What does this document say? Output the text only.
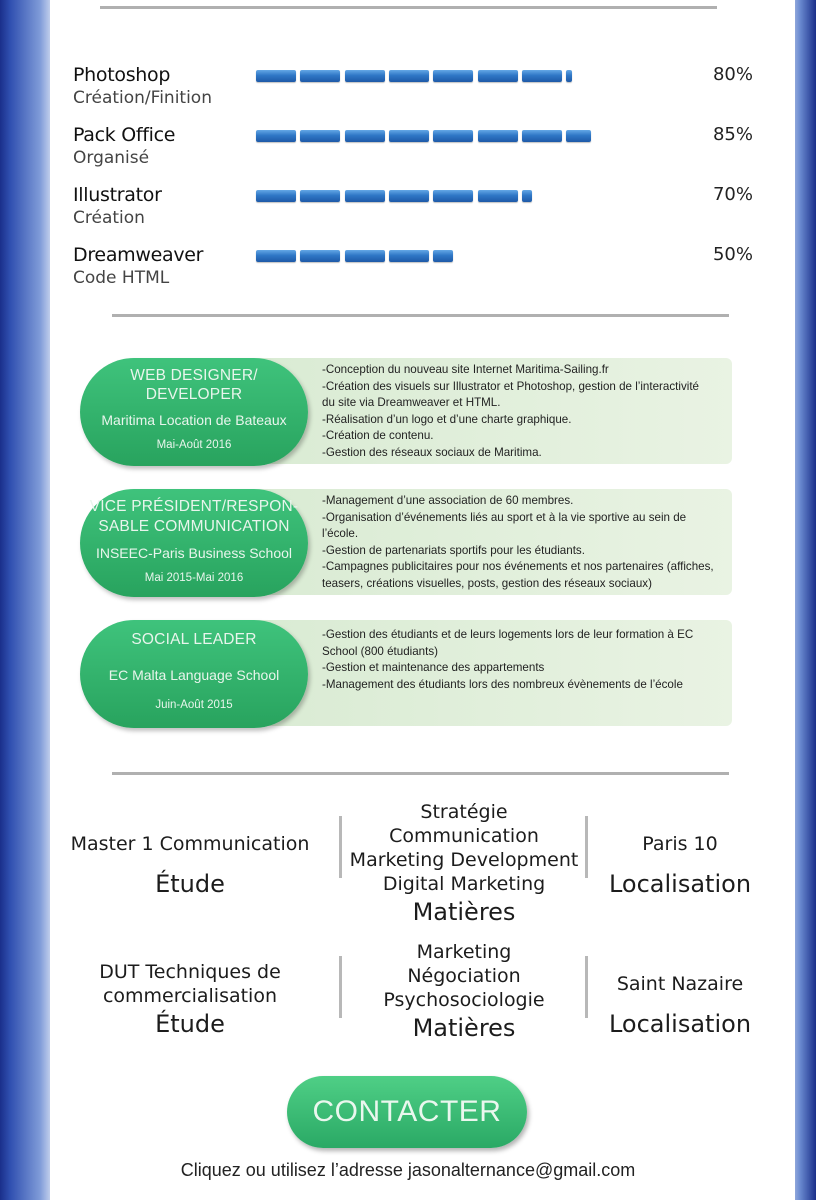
Photoshop
Création/Finition
80%
Pack Office
Organisé
85%
Illustrator
Création
70%
Dreamweaver
Code HTML
50%
-Conception du nouveau site Internet Maritima-Sailing.fr
-Création des visuels sur Illustrator et Photoshop, gestion de l’interactivité
du site via Dreamweaver et HTML.
-Réalisation d’un logo et d’une charte graphique.
-Création de contenu.
-Gestion des réseaux sociaux de Maritima.
WEB DESIGNER/
DEVELOPER
Maritima Location de Bateaux
Mai-Août 2016
-Management d’une association de 60 membres.
-Organisation d’événements liés au sport et à la vie sportive au sein de
l’école.
-Gestion de partenariats sportifs pour les étudiants.
-Campagnes publicitaires pour nos événements et nos partenaires (affiches,
teasers, créations visuelles, posts, gestion des réseaux sociaux)
VICE PRÉSIDENT/RESPON-
SABLE COMMUNICATION
INSEEC-Paris Business School
Mai 2015-Mai 2016
-Gestion des étudiants et de leurs logements lors de leur formation à EC
School (800 étudiants)
-Gestion et maintenance des appartements
-Management des étudiants lors des nombreux évènements de l’école
SOCIAL LEADER
EC Malta Language School
Juin-Août 2015
Master 1 Communication
Étude
Stratégie Communication
Marketing Development
Digital Marketing
Matières
Paris 10
Localisation
DUT Techniques de
commercialisation
Étude
Marketing
Négociation
Psychosociologie
Matières
Saint Nazaire
Localisation
CONTACTER
Cliquez ou utilisez l’adresse jasonalternance@gmail.com
